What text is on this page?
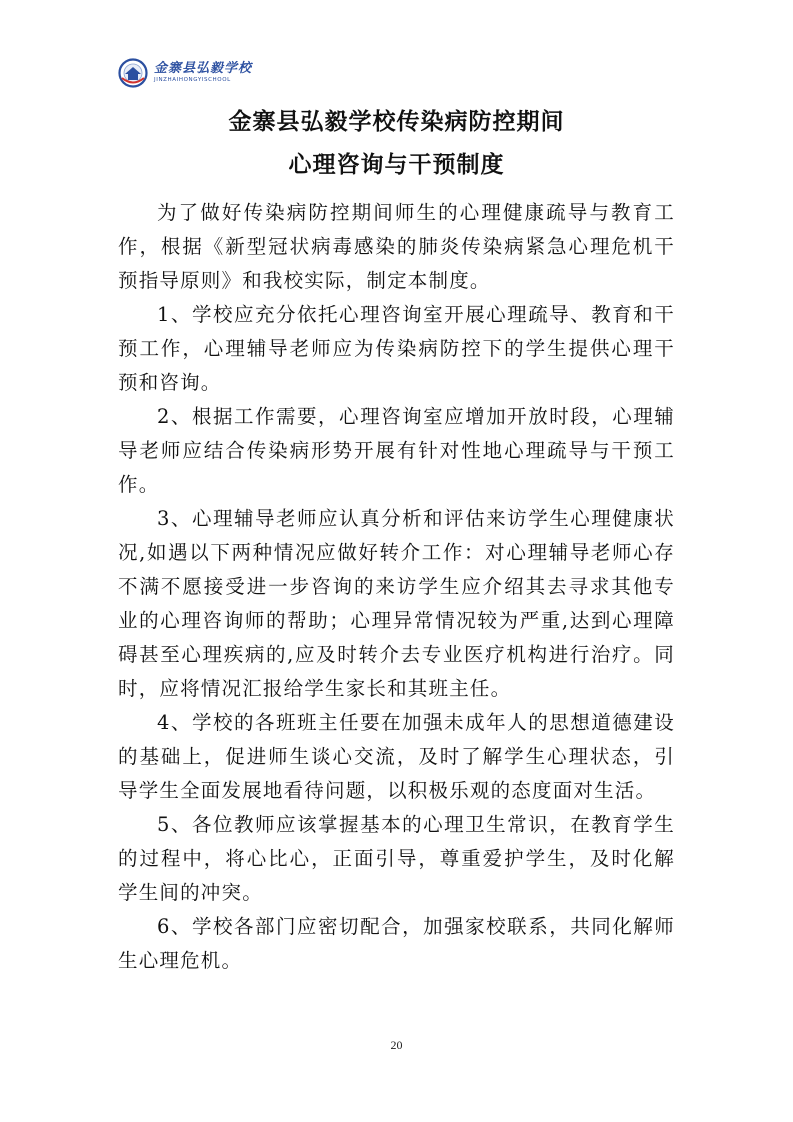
金寨县弘毅学校
JINZHAIHONGYISCHOOL
金寨县弘毅学校传染病防控期间
心理咨询与干预制度

为了做好传染病防控期间师生的心理健康疏导与教育工作，根据《新型冠状病毒感染的肺炎传染病紧急心理危机干预指导原则》和我校实际，制定本制度。

1、学校应充分依托心理咨询室开展心理疏导、教育和干预工作，心理辅导老师应为传染病防控下的学生提供心理干预和咨询。

2、根据工作需要，心理咨询室应增加开放时段，心理辅导老师应结合传染病形势开展有针对性地心理疏导与干预工作。

3、心理辅导老师应认真分析和评估来访学生心理健康状况,如遇以下两种情况应做好转介工作：对心理辅导老师心存不满不愿接受进一步咨询的来访学生应介绍其去寻求其他专业的心理咨询师的帮助；心理异常情况较为严重,达到心理障碍甚至心理疾病的,应及时转介去专业医疗机构进行治疗。同时，应将情况汇报给学生家长和其班主任。

4、学校的各班班主任要在加强未成年人的思想道德建设的基础上，促进师生谈心交流，及时了解学生心理状态，引导学生全面发展地看待问题，以积极乐观的态度面对生活。

5、各位教师应该掌握基本的心理卫生常识，在教育学生的过程中，将心比心，正面引导，尊重爱护学生，及时化解学生间的冲突。

6、学校各部门应密切配合，加强家校联系，共同化解师生心理危机。

20
